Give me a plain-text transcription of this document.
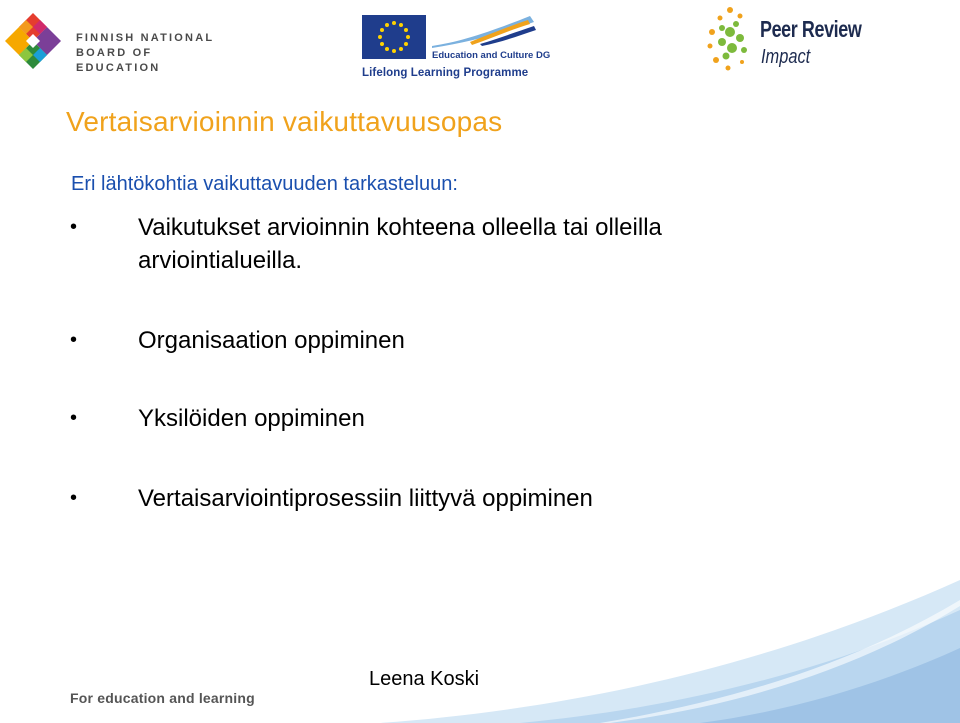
FINNISH NATIONAL
BOARD OF EDUCATION
Education and Culture DG
Lifelong Learning Programme
Peer Review
Impact
Vertaisarvioinnin vaikuttavuusopas
Eri lähtökohtia vaikuttavuuden tarkasteluun:
•	Vaikutukset arvioinnin kohteena olleella tai olleilla arviointialueilla.
•	Organisaation oppiminen
•	Yksilöiden oppiminen
•	Vertaisarviointiprosessiin liittyvä oppiminen
For education and learning
Leena Koski
